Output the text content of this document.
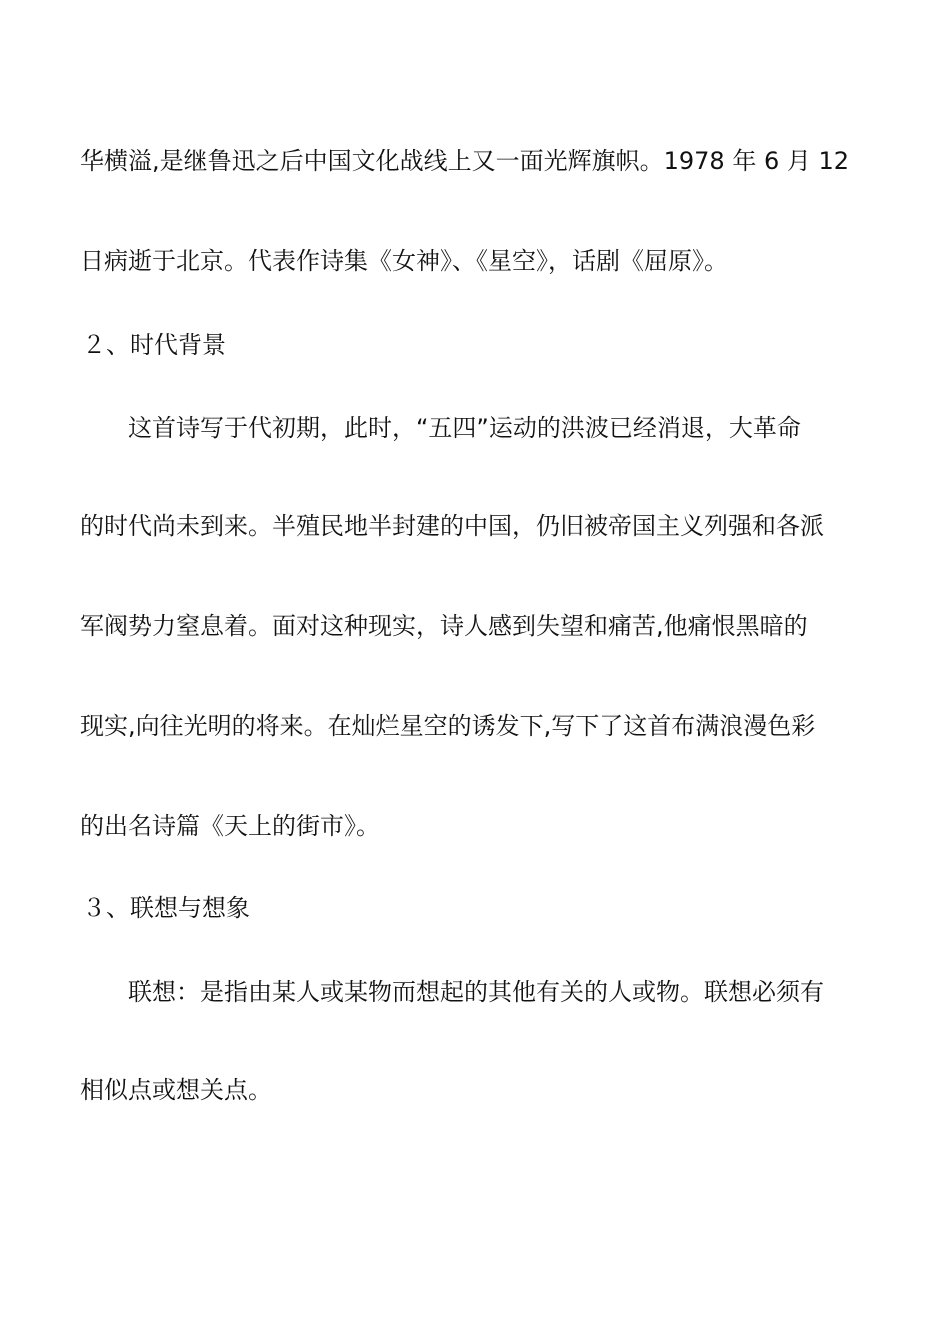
华横溢,是继鲁迅之后中国文化战线上又一面光辉旗帜。1978 年 6 月 12
日病逝于北京。代表作诗集《女神》、《星空》，话剧《屈原》。
２、时代背景
这首诗写于代初期，此时，“五四”运动的洪波已经消退，大革命
的时代尚未到来。半殖民地半封建的中国，仍旧被帝国主义列强和各派
军阀势力窒息着。面对这种现实，诗人感到失望和痛苦,他痛恨黑暗的
现实,向往光明的将来。在灿烂星空的诱发下,写下了这首布满浪漫色彩
的出名诗篇《天上的街市》。
３、联想与想象
联想：是指由某人或某物而想起的其他有关的人或物。联想必须有
相似点或想关点。
